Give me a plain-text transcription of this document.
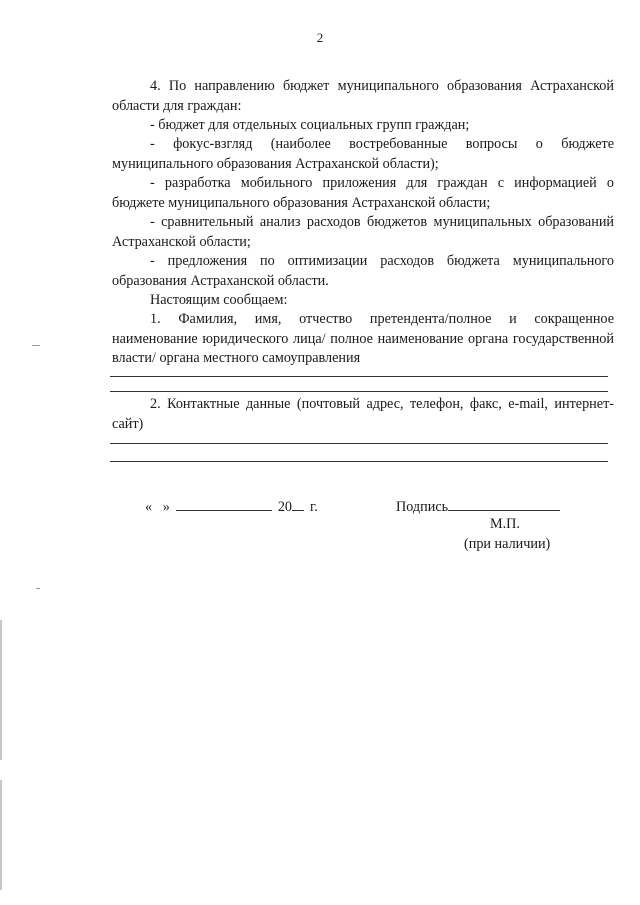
2

4. По направлению бюджет муниципального образования Астраханской области для граждан:

- бюджет для отдельных социальных групп граждан;

- фокус-взгляд (наиболее востребованные вопросы о бюджете муниципального образования Астраханской области);

- разработка мобильного приложения для граждан с информацией о бюджете муниципального образования Астраханской области;

- сравнительный анализ расходов бюджетов муниципальных образований Астраханской области;

- предложения по оптимизации расходов бюджета муниципального образования Астраханской области.

Настоящим сообщаем:

1. Фамилия, имя, отчество претендента/полное и сокращенное наименование юридического лица/ полное наименование органа государственной власти/ органа местного самоуправления

2. Контактные данные (почтовый адрес, телефон, факс, e-mail, интернет-сайт)

« »	20 г.	Подпись
М.П.
(при наличии)
